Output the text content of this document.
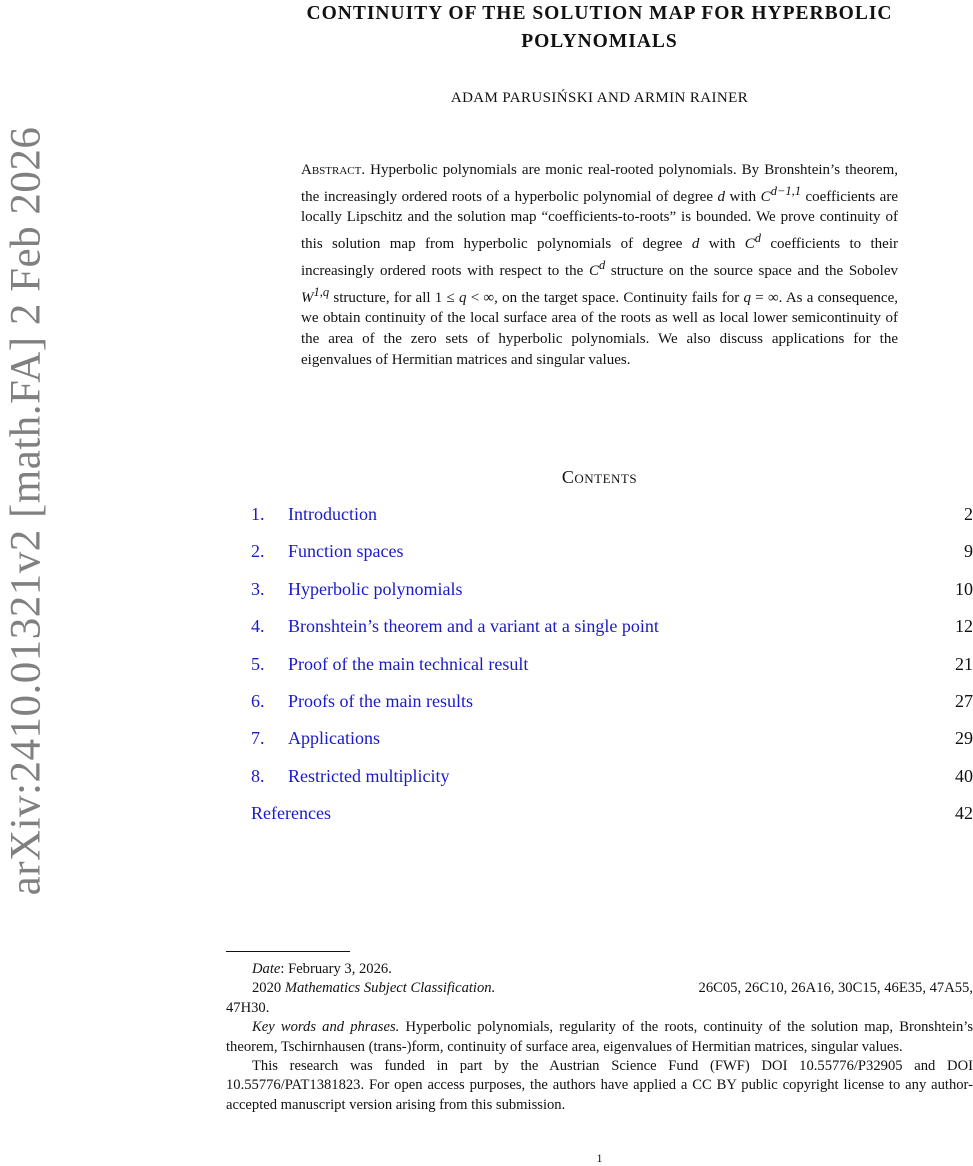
arXiv:2410.01321v2 [math.FA] 2 Feb 2026
CONTINUITY OF THE SOLUTION MAP FOR HYPERBOLIC
POLYNOMIALS
ADAM PARUSIŃSKI AND ARMIN RAINER
Abstract. Hyperbolic polynomials are monic real-rooted polynomials. By Bronshtein’s theorem, the increasingly ordered roots of a hyperbolic polynomial of degree d with $C^{d-1,1}$ coefficients are locally Lipschitz and the solution map “coefficients-to-roots” is bounded. We prove continuity of this solution map from hyperbolic polynomials of degree d with $C^d$ coefficients to their increasingly ordered roots with respect to the $C^d$ structure on the source space and the Sobolev W$^{1,q}$ structure, for all 1 ≤ q < ∞, on the target space. Continuity fails for q = ∞. As a consequence, we obtain continuity of the local surface area of the roots as well as local lower semicontinuity of the area of the zero sets of hyperbolic polynomials. We also discuss applications for the eigenvalues of Hermitian matrices and singular values.
Contents
1.	Introduction	2
2.	Function spaces	9
3.	Hyperbolic polynomials	10
4.	Bronshtein’s theorem and a variant at a single point	12
5.	Proof of the main technical result	21
6.	Proofs of the main results	27
7.	Applications	29
8.	Restricted multiplicity	40
References	42

Date: February 3, 2026.

2020 Mathematics Subject Classification.	26C05, 26C10, 26A16, 30C15, 46E35, 47A55,

47H30.

Key words and phrases. Hyperbolic polynomials, regularity of the roots, continuity of the solution map, Bronshtein’s theorem, Tschirnhausen (trans-)form, continuity of surface area, eigenvalues of Hermitian matrices, singular values.

This research was funded in part by the Austrian Science Fund (FWF) DOI 10.55776/P32905 and DOI 10.55776/PAT1381823. For open access purposes, the authors have applied a CC BY public copyright license to any author-accepted manuscript version arising from this submission.

1
